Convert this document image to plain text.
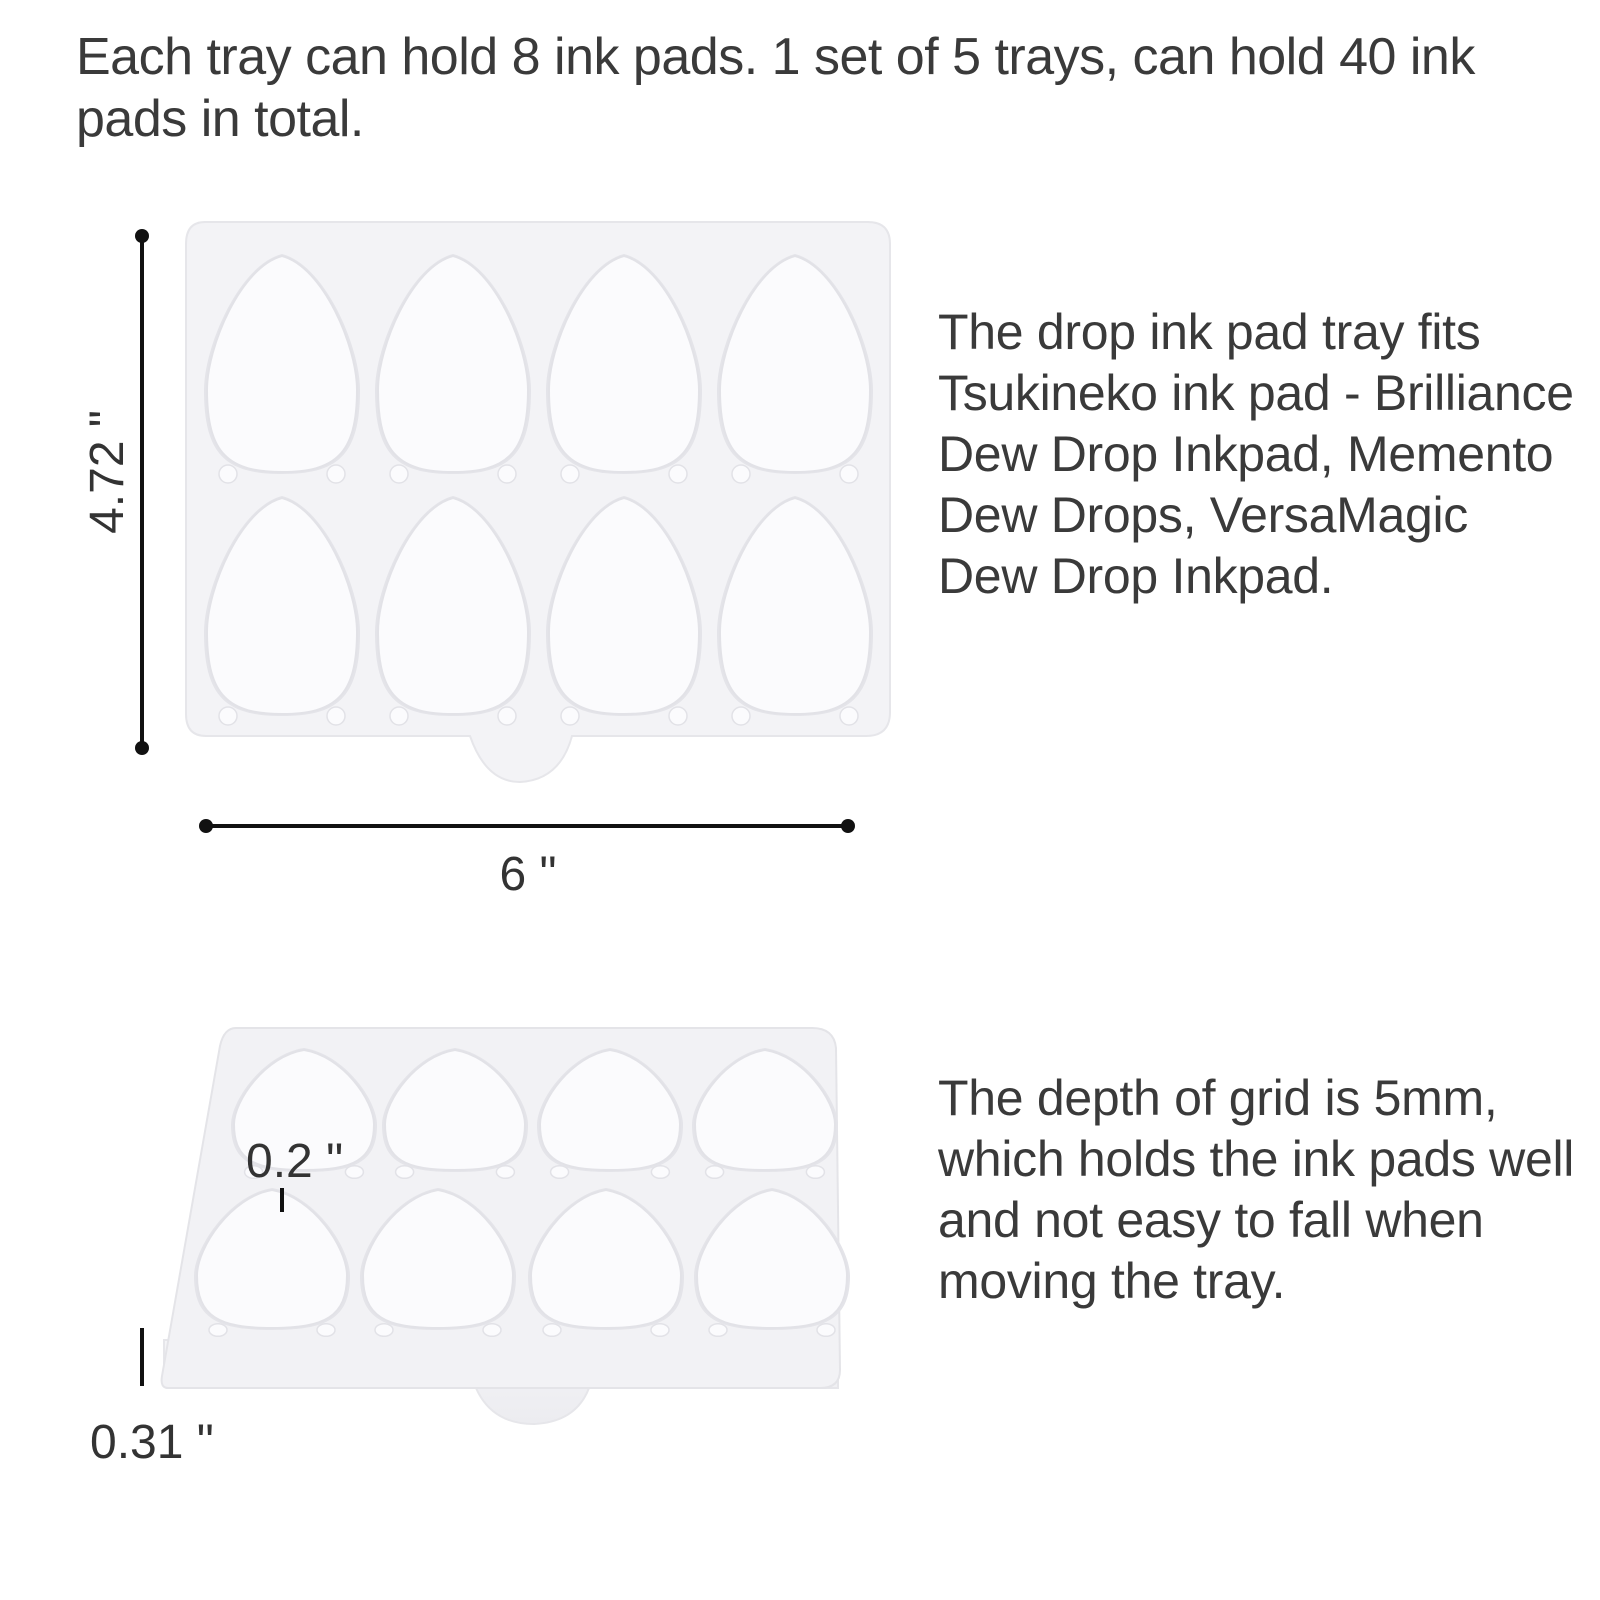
Each tray can hold 8 ink pads. 1 set of 5 trays, can hold 40 ink pads in total.
4.72 "
6 "
0.2 "
0.31 "
The drop ink pad tray fits Tsukineko ink pad - Brilliance Dew Drop Inkpad, Memento Dew Drops, VersaMagic Dew Drop Inkpad.
The depth of grid is 5mm, which holds the ink pads well and not easy to fall when moving the tray.
